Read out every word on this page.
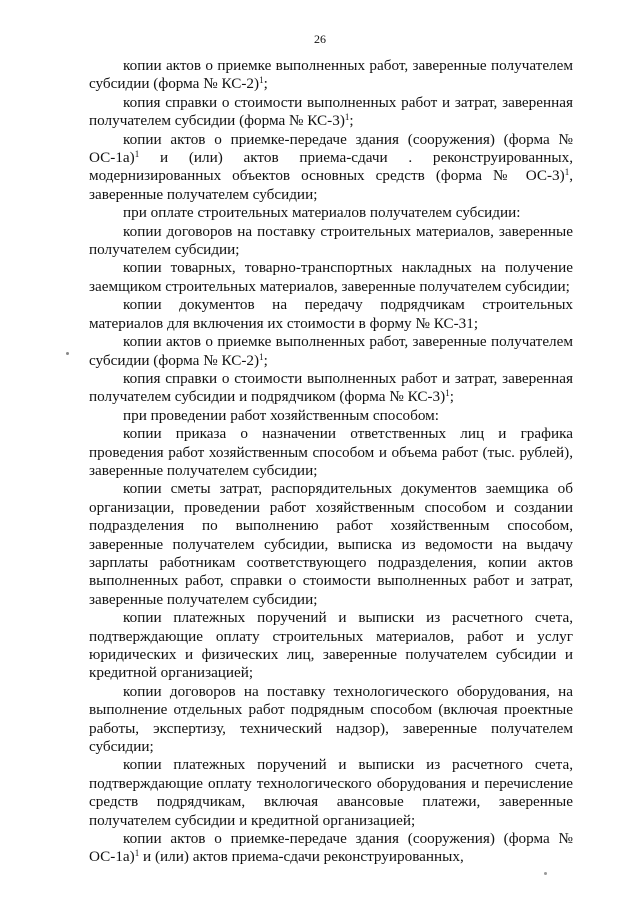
26

копии актов о приемке выполненных работ, заверенные получателем субсидии (форма № КС-2)$^1$;

копия справки о стоимости выполненных работ и затрат, заверенная получателем субсидии (форма № КС-3)$^1$;

копии актов о приемке-передаче здания (сооружения) (форма № ОС-1а)$^1$ и (или) актов приема-сдачи . реконструированных, модернизированных объектов основных средств (форма № ОС-3)$^1$, заверенные получателем субсидии;

при оплате строительных материалов получателем субсидии:

копии договоров на поставку строительных материалов, заверенные получателем субсидии;

копии товарных, товарно-транспортных накладных на получение заемщиком строительных материалов, заверенные получателем субсидии;

копии документов на передачу подрядчикам строительных материалов для включения их стоимости в форму № КС-31;

копии актов о приемке выполненных работ, заверенные получателем субсидии (форма № КС-2)$^1$;

копия справки о стоимости выполненных работ и затрат, заверенная получателем субсидии и подрядчиком (форма № КС-3)$^1$;

при проведении работ хозяйственным способом:

копии приказа о назначении ответственных лиц и графика проведения работ хозяйственным способом и объема работ (тыс. рублей), заверенные получателем субсидии;

копии сметы затрат, распорядительных документов заемщика об организации, проведении работ хозяйственным способом и создании подразделения по выполнению работ хозяйственным способом, заверенные получателем субсидии, выписка из ведомости на выдачу зарплаты работникам соответствующего подразделения, копии актов выполненных работ, справки о стоимости выполненных работ и затрат, заверенные получателем субсидии;

копии платежных поручений и выписки из расчетного счета, подтверждающие оплату строительных материалов, работ и услуг юридических и физических лиц, заверенные получателем субсидии и кредитной организацией;

копии договоров на поставку технологического оборудования, на выполнение отдельных работ подрядным способом (включая проектные работы, экспертизу, технический надзор), заверенные получателем субсидии;

копии платежных поручений и выписки из расчетного счета, подтверждающие оплату технологического оборудования и перечисление средств подрядчикам, включая авансовые платежи, заверенные получателем субсидии и кредитной организацией;

копии актов о приемке-передаче здания (сооружения) (форма № ОС-1а)$^1$ и (или) актов приема-сдачи реконструированных,
